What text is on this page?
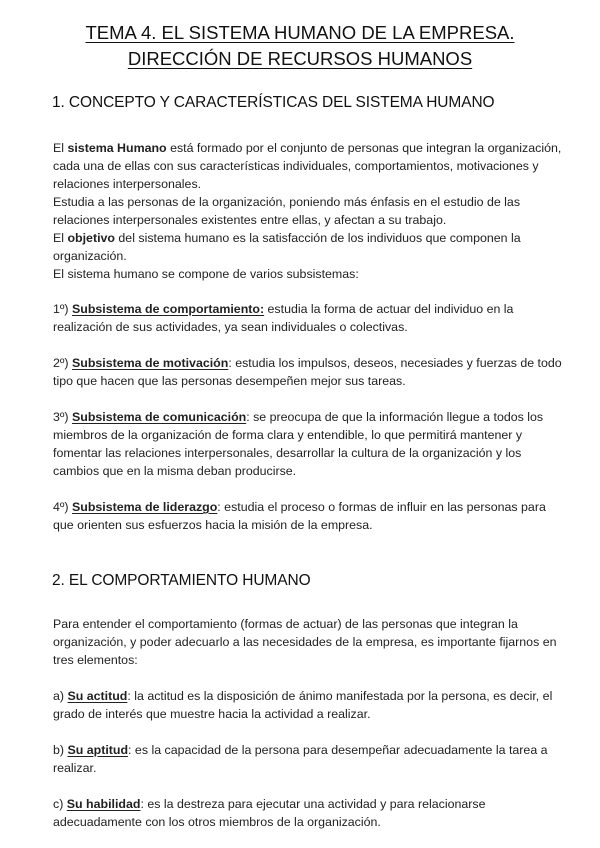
TEMA 4. EL SISTEMA HUMANO DE LA EMPRESA.
DIRECCIÓN DE RECURSOS HUMANOS
1. CONCEPTO Y CARACTERÍSTICAS DEL SISTEMA HUMANO
El sistema Humano está formado por el conjunto de personas que integran la organización, cada una de ellas con sus características individuales, comportamientos, motivaciones y relaciones interpersonales.
Estudia a las personas de la organización, poniendo más énfasis en el estudio de las relaciones interpersonales existentes entre ellas, y afectan a su trabajo.
El objetivo del sistema humano es la satisfacción de los individuos que componen la organización.
El sistema humano se compone de varios subsistemas:
1º) Subsistema de comportamiento: estudia la forma de actuar del individuo en la realización de sus actividades, ya sean individuales o colectivas.
2º) Subsistema de motivación: estudia los impulsos, deseos, necesiades y fuerzas de todo tipo que hacen que las personas desempeñen mejor sus tareas.
3º) Subsistema de comunicación: se preocupa de que la información llegue a todos los miembros de la organización de forma clara y entendible, lo que permitirá mantener y fomentar las relaciones interpersonales, desarrollar la cultura de la organización y los cambios que en la misma deban producirse.
4º) Subsistema de liderazgo: estudia el proceso o formas de influir en las personas para que orienten sus esfuerzos hacia la misión de la empresa.
2. EL COMPORTAMIENTO HUMANO
Para entender el comportamiento (formas de actuar) de las personas que integran la organización, y poder adecuarlo a las necesidades de la empresa, es importante fijarnos en tres elementos:
a) Su actitud: la actitud es la disposición de ánimo manifestada por la persona, es decir, el grado de interés que muestre hacia la actividad a realizar.
b) Su aptitud: es la capacidad de la persona para desempeñar adecuadamente la tarea a realizar.
c) Su habilidad: es la destreza para ejecutar una actividad y para relacionarse adecuadamente con los otros miembros de la organización.
